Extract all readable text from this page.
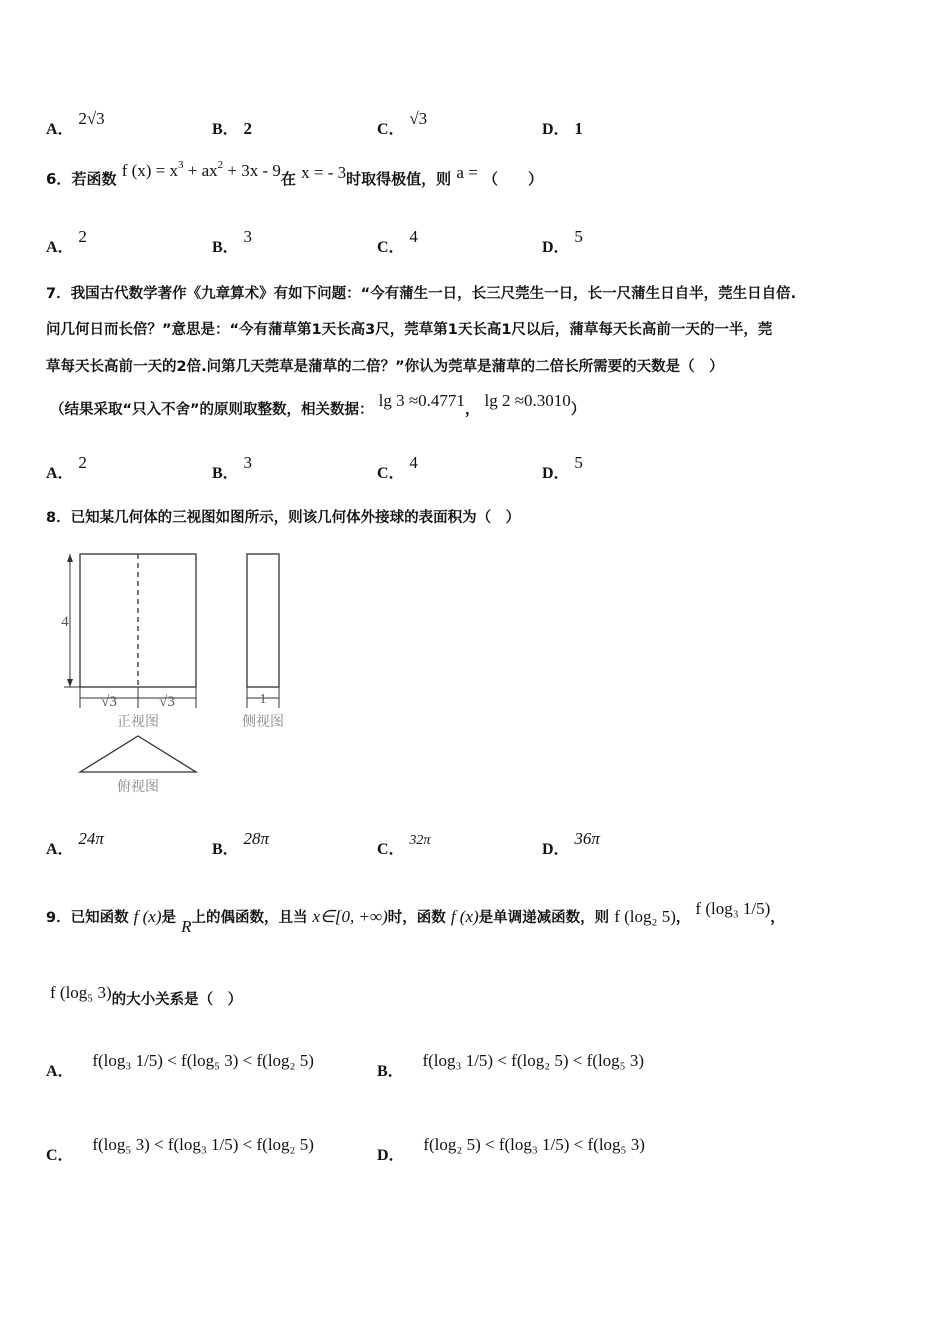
A． 2√3
B． 2	C． √3
D． 1
6．若函数 f $(x) = x^3 + ax^2 + 3x - 9$在 x = - 3时取得极值，则 a = （　　）
A． 2
B． 3
C． 4
D． 5
7．我国古代数学著作《九章算术》有如下问题：“今有蒲生一日，长三尺莞生一日，长一尺蒲生日自半，莞生日自倍.
问几何日而长倍？”意思是：“今有蒲草第1天长高3尺，莞草第1天长高1尺以后，蒲草每天长高前一天的一半，莞
草每天长高前一天的2倍.问第几天莞草是蒲草的二倍？”你认为莞草是蒲草的二倍长所需要的天数是（　）
（结果采取“只入不舍”的原则取整数，相关数据： lg 3 ≈0.4771， lg 2 ≈0.3010）
A． 2
B． 3
C． 4
D． 5
8．已知某几何体的三视图如图所示，则该几何体外接球的表面积为（　）
4
√3	√3
正视图
1
侧视图
俯视图
A． 24π
B． 28π
C． 32π
D． 36π
9．已知函数 f (x)是 R上的偶函数，且当 x∈[0, +∞)时，函数 f (x)是单调递减函数，则 f (log₂ 5)， f (log₃ 1/5)，
f (log₅ 3)的大小关系是（　）
A． f(log₃ 1/5) < f(log₅ 3) < f(log₂ 5)
B． f(log₃ 1/5) < f(log₂ 5) < f(log₅ 3)
C． f(log₅ 3) < f(log₃ 1/5) < f(log₂ 5)
D． f(log₂ 5) < f(log₃ 1/5) < f(log₅ 3)
